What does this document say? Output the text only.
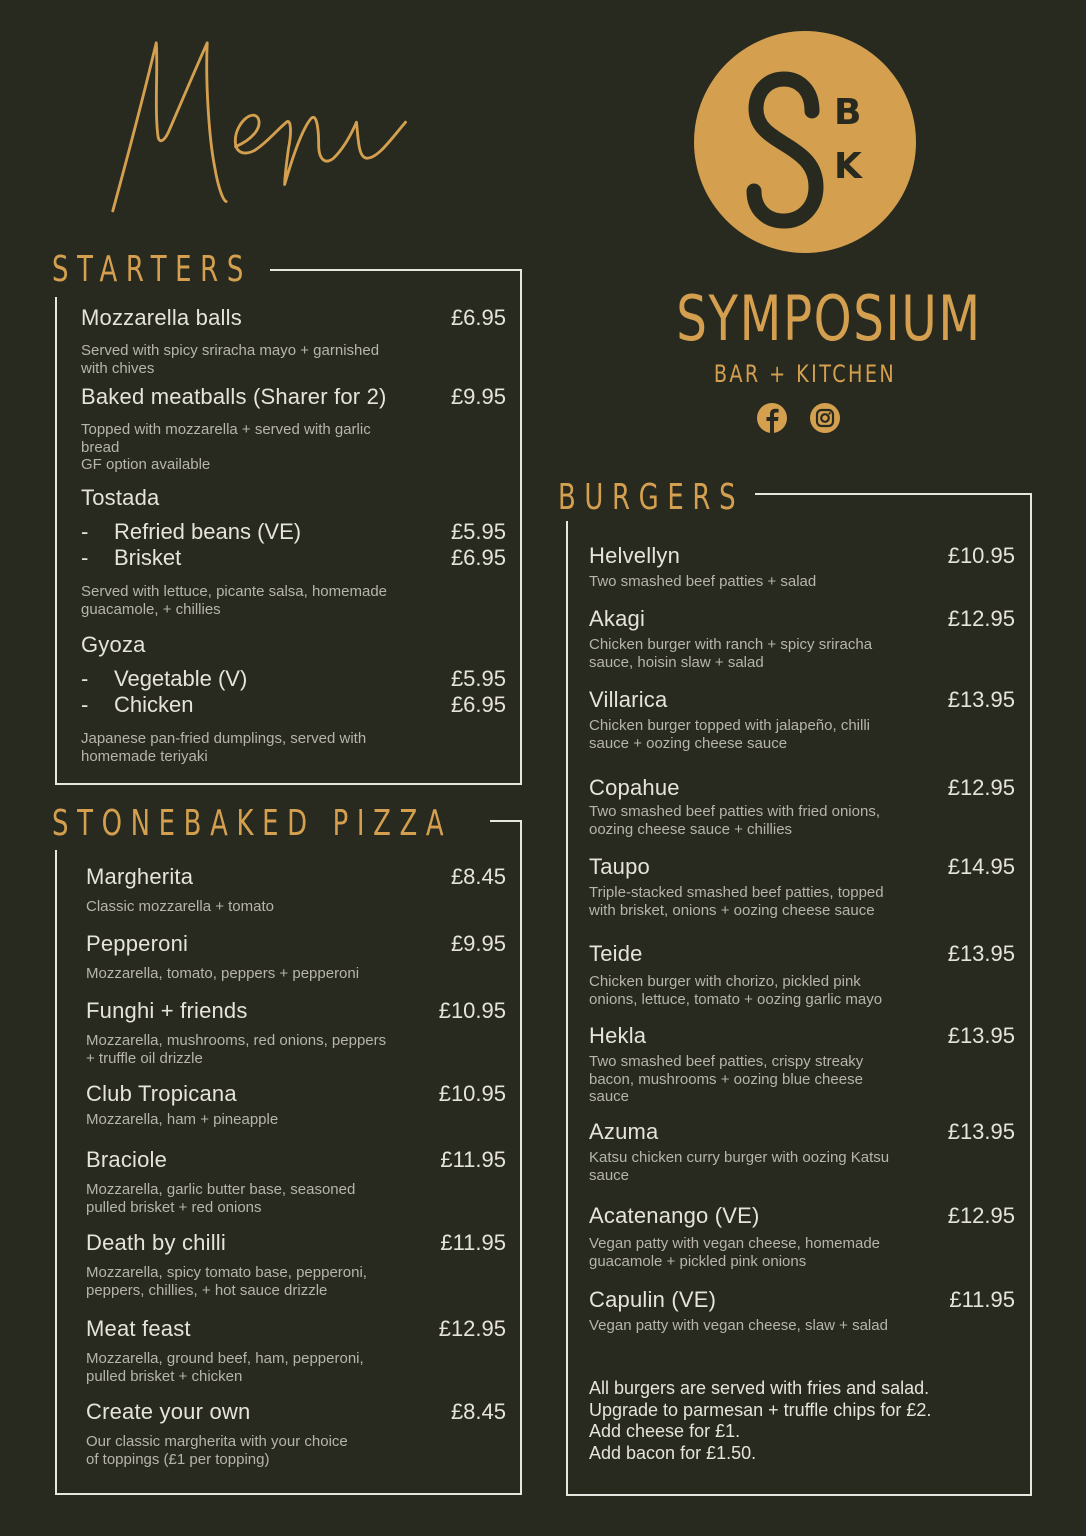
B
K
SYMPOSIUM
BAR + KITCHEN
STARTERS
Mozzarella balls	£6.95
Served with spicy sriracha mayo + garnished
with chives
Baked meatballs (Sharer for 2)	£9.95
Topped with mozzarella + served with garlic
bread
GF option available
Tostada
- Refried beans (VE)	£5.95
- Brisket	£6.95
Served with lettuce, picante salsa, homemade
guacamole, + chillies
Gyoza
- Vegetable (V)	£5.95
- Chicken	£6.95
Japanese pan-fried dumplings, served with
homemade teriyaki
STONEBAKED PIZZA
Margherita	£8.45
Classic mozzarella + tomato
Pepperoni	£9.95
Mozzarella, tomato, peppers + pepperoni
Funghi + friends	£10.95
Mozzarella, mushrooms, red onions, peppers
+ truffle oil drizzle
Club Tropicana	£10.95
Mozzarella, ham + pineapple
Braciole	£11.95
Mozzarella, garlic butter base, seasoned
pulled brisket + red onions
Death by chilli	£11.95
Mozzarella, spicy tomato base, pepperoni,
peppers, chillies, + hot sauce drizzle
Meat feast	£12.95
Mozzarella, ground beef, ham, pepperoni,
pulled brisket + chicken
Create your own	£8.45
Our classic margherita with your choice
of toppings (£1 per topping)
BURGERS
Helvellyn	£10.95
Two smashed beef patties + salad
Akagi	£12.95
Chicken burger with ranch + spicy sriracha
sauce, hoisin slaw + salad
Villarica	£13.95
Chicken burger topped with jalapeño, chilli
sauce + oozing cheese sauce
Copahue	£12.95
Two smashed beef patties with fried onions,
oozing cheese sauce + chillies
Taupo	£14.95
Triple-stacked smashed beef patties, topped
with brisket, onions + oozing cheese sauce
Teide	£13.95
Chicken burger with chorizo, pickled pink
onions, lettuce, tomato + oozing garlic mayo
Hekla	£13.95
Two smashed beef patties, crispy streaky
bacon, mushrooms + oozing blue cheese
sauce
Azuma	£13.95
Katsu chicken curry burger with oozing Katsu
sauce
Acatenango (VE)	£12.95
Vegan patty with vegan cheese, homemade
guacamole + pickled pink onions
Capulin (VE)	£11.95
Vegan patty with vegan cheese, slaw + salad
All burgers are served with fries and salad.
Upgrade to parmesan + truffle chips for £2.
Add cheese for £1.
Add bacon for £1.50.
